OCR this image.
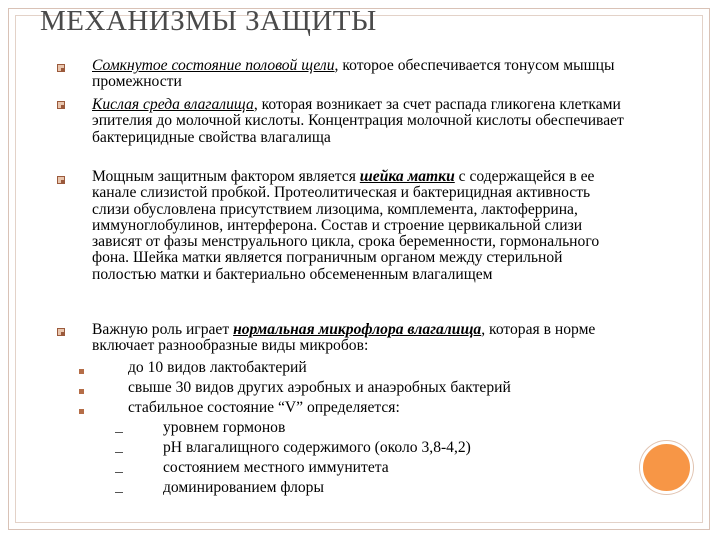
МЕХАНИЗМЫ ЗАЩИТЫ
Сомкнутое состояние половой щели, которое обеспечивается тонусом мышцы промежности
Кислая среда влагалища, которая возникает за счет распада гликогена клетками эпителия до молочной кислоты. Концентрация молочной кислоты обеспечивает бактерицидные свойства влагалища
Мощным защитным фактором является шейка матки с содержащейся в ее канале слизистой пробкой. Протеолитическая и бактерицидная активность слизи обусловлена присутствием лизоцима, комплемента, лактоферрина, иммуноглобулинов, интерферона. Состав и строение цервикальной слизи зависят от фазы менструального цикла, срока беременности, гормонального фона. Шейка матки является пограничным органом между стерильной полостью матки и бактериально обсемененным влагалищем
Важную роль играет нормальная микрофлора влагалища, которая в норме включает разнообразные виды микробов:
до 10 видов лактобактерий
свыше 30 видов других аэробных и анаэробных бактерий
стабильное состояние “V” определяется:
уровнем гормонов
pH влагалищного содержимого (около 3,8-4,2)
состоянием местного иммунитета
доминированием флоры
